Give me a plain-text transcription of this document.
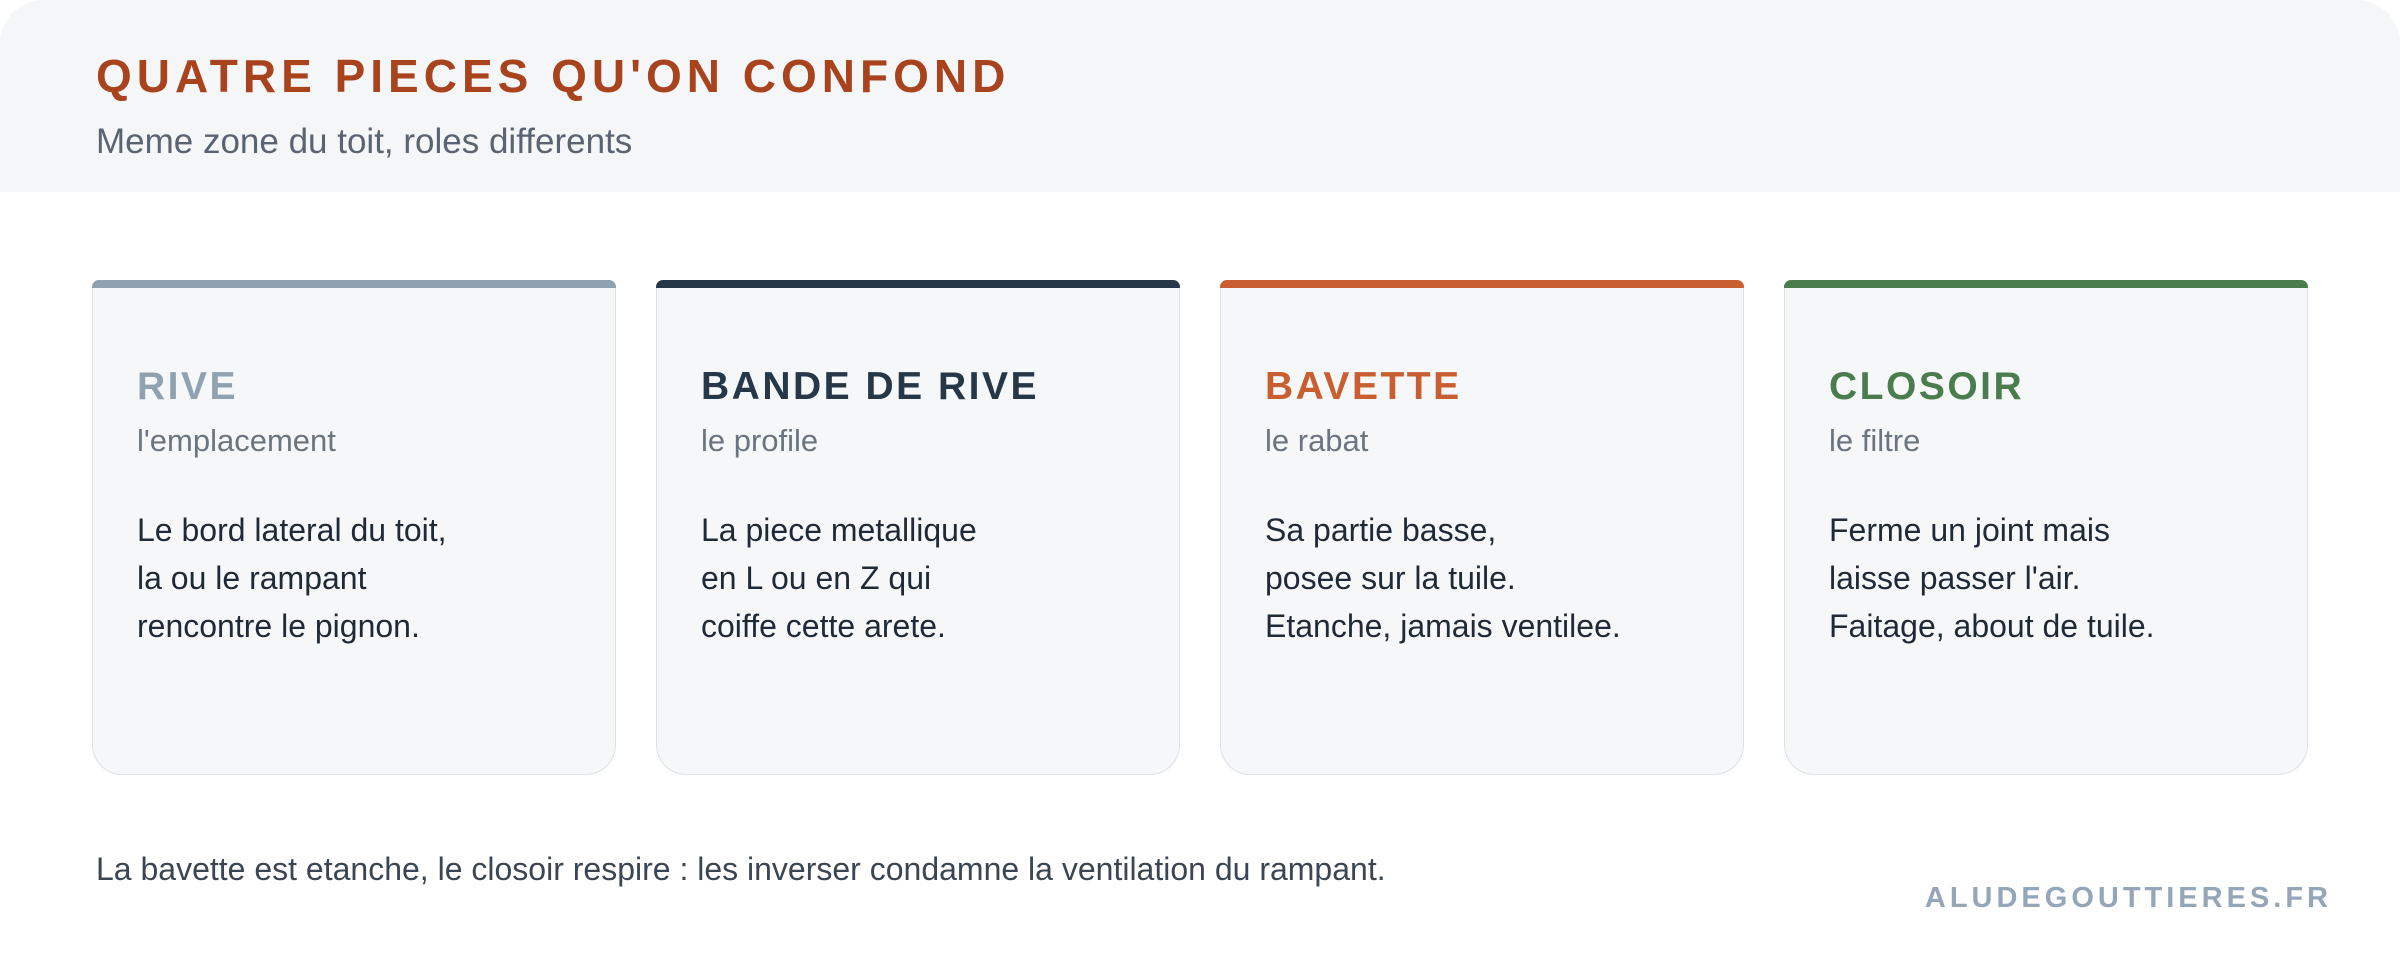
QUATRE PIECES QU'ON CONFOND

Meme zone du toit, roles differents

RIVE
l'emplacement
Le bord lateral du toit,
la ou le rampant
rencontre le pignon.
BANDE DE RIVE
le profile
La piece metallique
en L ou en Z qui
coiffe cette arete.
BAVETTE
le rabat
Sa partie basse,
posee sur la tuile.
Etanche, jamais ventilee.
CLOSOIR
le filtre
Ferme un joint mais
laisse passer l'air.
Faitage, about de tuile.

La bavette est etanche, le closoir respire : les inverser condamne la ventilation du rampant.

ALUDEGOUTTIERES.FR
